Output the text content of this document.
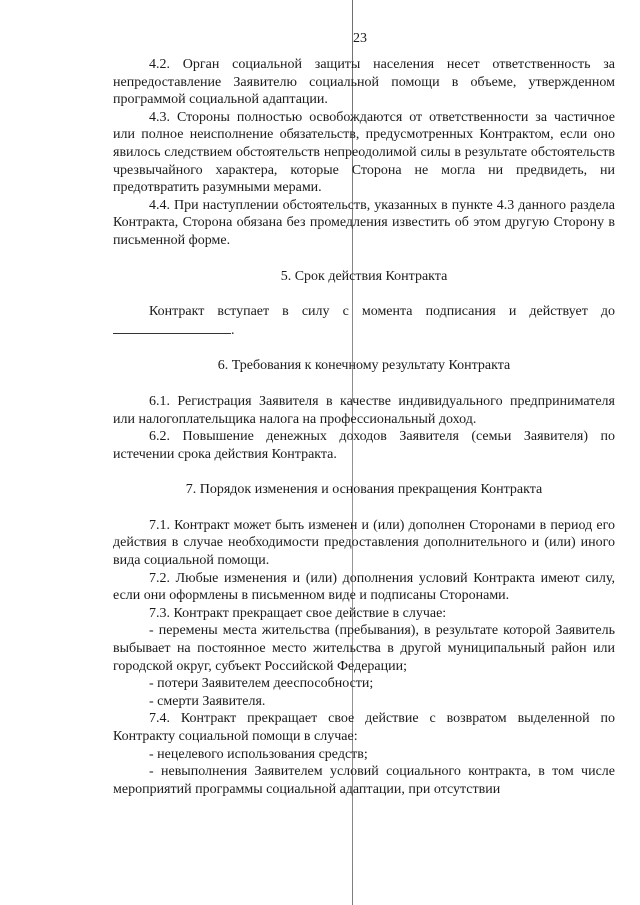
23

4.2. Орган социальной защиты населения несет ответственность за непредоставление Заявителю социальной помощи в объеме, утвержденном программой социальной адаптации.

4.3. Стороны полностью освобождаются от ответственности за частичное или полное неисполнение обязательств, предусмотренных Контрактом, если оно явилось следствием обстоятельств непреодолимой силы в результате обстоятельств чрезвычайного характера, которые Сторона не могла ни предвидеть, ни предотвратить разумными мерами.

4.4. При наступлении обстоятельств, указанных в пункте 4.3 данного раздела Контракта, Сторона обязана без промедления известить об этом другую Сторону в письменной форме.

5. Срок действия Контракта

Контракт вступает в силу с момента подписания и действует до .

6. Требования к конечному результату Контракта

6.1. Регистрация Заявителя в качестве индивидуального предпринимателя или налогоплательщика налога на профессиональный доход.

6.2. Повышение денежных доходов Заявителя (семьи Заявителя) по истечении срока действия Контракта.

7. Порядок изменения и основания прекращения Контракта

7.1. Контракт может быть изменен и (или) дополнен Сторонами в период его действия в случае необходимости предоставления дополнительного и (или) иного вида социальной помощи.

7.2. Любые изменения и (или) дополнения условий Контракта имеют силу, если они оформлены в письменном виде и подписаны Сторонами.

7.3. Контракт прекращает свое действие в случае:

- перемены места жительства (пребывания), в результате которой Заявитель выбывает на постоянное место жительства в другой муниципальный район или городской округ, субъект Российской Федерации;

- потери Заявителем дееспособности;

- смерти Заявителя.

7.4. Контракт прекращает свое действие с возвратом выделенной по Контракту социальной помощи в случае:

- нецелевого использования средств;

- невыполнения Заявителем условий социального контракта, в том числе мероприятий программы социальной адаптации, при отсутствии
